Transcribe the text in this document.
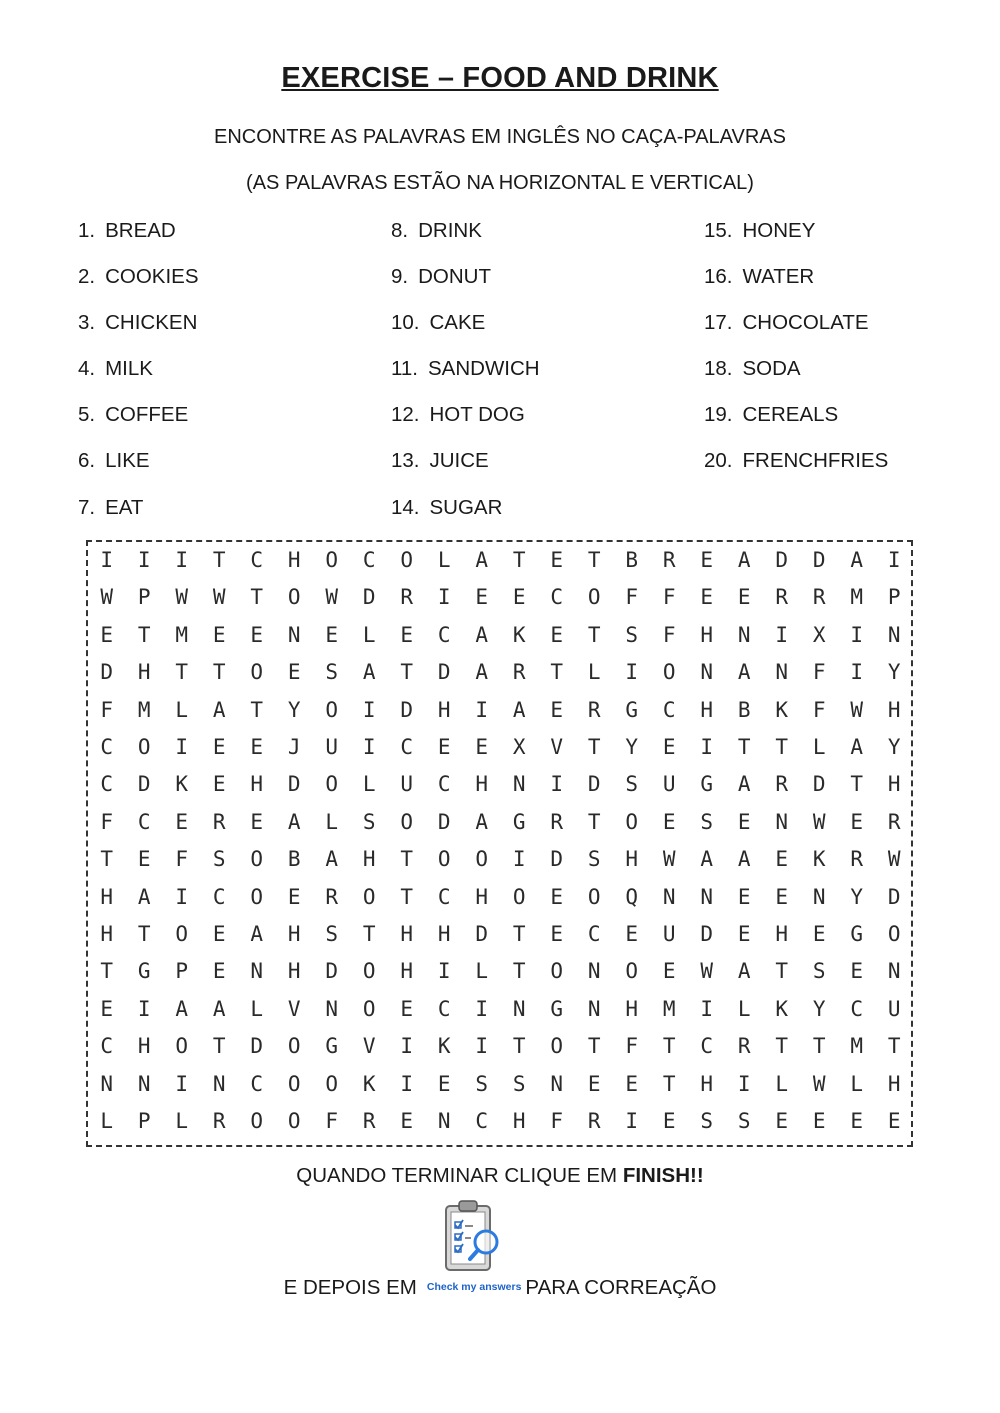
EXERCISE – FOOD AND DRINK
ENCONTRE AS PALAVRAS EM INGLÊS NO CAÇA-PALAVRAS
(AS PALAVRAS ESTÃO NA HORIZONTAL E VERTICAL)
1. BREAD
2. COOKIES
3. CHICKEN
4. MILK
5. COFFEE
6. LIKE
7. EAT
8. DRINK
9. DONUT
10. CAKE
11. SANDWICH
12. HOT DOG
13. JUICE
14. SUGAR
15. HONEY
16. WATER
17. CHOCOLATE
18. SODA
19. CEREALS
20. FRENCHFRIES
I	I	I	T	C	H	O	C	O	L	A	T	E	T	B	R	E	A	D	D	A	I
W	P	W	W	T	O	W	D	R	I	E	E	C	O	F	F	E	E	R	R	M	P
E	T	M	E	E	N	E	L	E	C	A	K	E	T	S	F	H	N	I	X	I	N
D	H	T	T	O	E	S	A	T	D	A	R	T	L	I	O	N	A	N	F	I	Y
F	M	L	A	T	Y	O	I	D	H	I	A	E	R	G	C	H	B	K	F	W	H
C	O	I	E	E	J	U	I	C	E	E	X	V	T	Y	E	I	T	T	L	A	Y
C	D	K	E	H	D	O	L	U	C	H	N	I	D	S	U	G	A	R	D	T	H
F	C	E	R	E	A	L	S	O	D	A	G	R	T	O	E	S	E	N	W	E	R
T	E	F	S	O	B	A	H	T	O	O	I	D	S	H	W	A	A	E	K	R	W
H	A	I	C	O	E	R	O	T	C	H	O	E	O	Q	N	N	E	E	N	Y	D
H	T	O	E	A	H	S	T	H	H	D	T	E	C	E	U	D	E	H	E	G	O
T	G	P	E	N	H	D	O	H	I	L	T	O	N	O	E	W	A	T	S	E	N
E	I	A	A	L	V	N	O	E	C	I	N	G	N	H	M	I	L	K	Y	C	U
C	H	O	T	D	O	G	V	I	K	I	T	O	T	F	T	C	R	T	T	M	T
N	N	I	N	C	O	O	K	I	E	S	S	N	E	E	T	H	I	L	W	L	H
L	P	L	R	O	O	F	R	E	N	C	H	F	R	I	E	S	S	E	E	E	E
QUANDO TERMINAR CLIQUE EM FINISH!!
E DEPOIS EM Check my answers PARA CORREAÇÃO
